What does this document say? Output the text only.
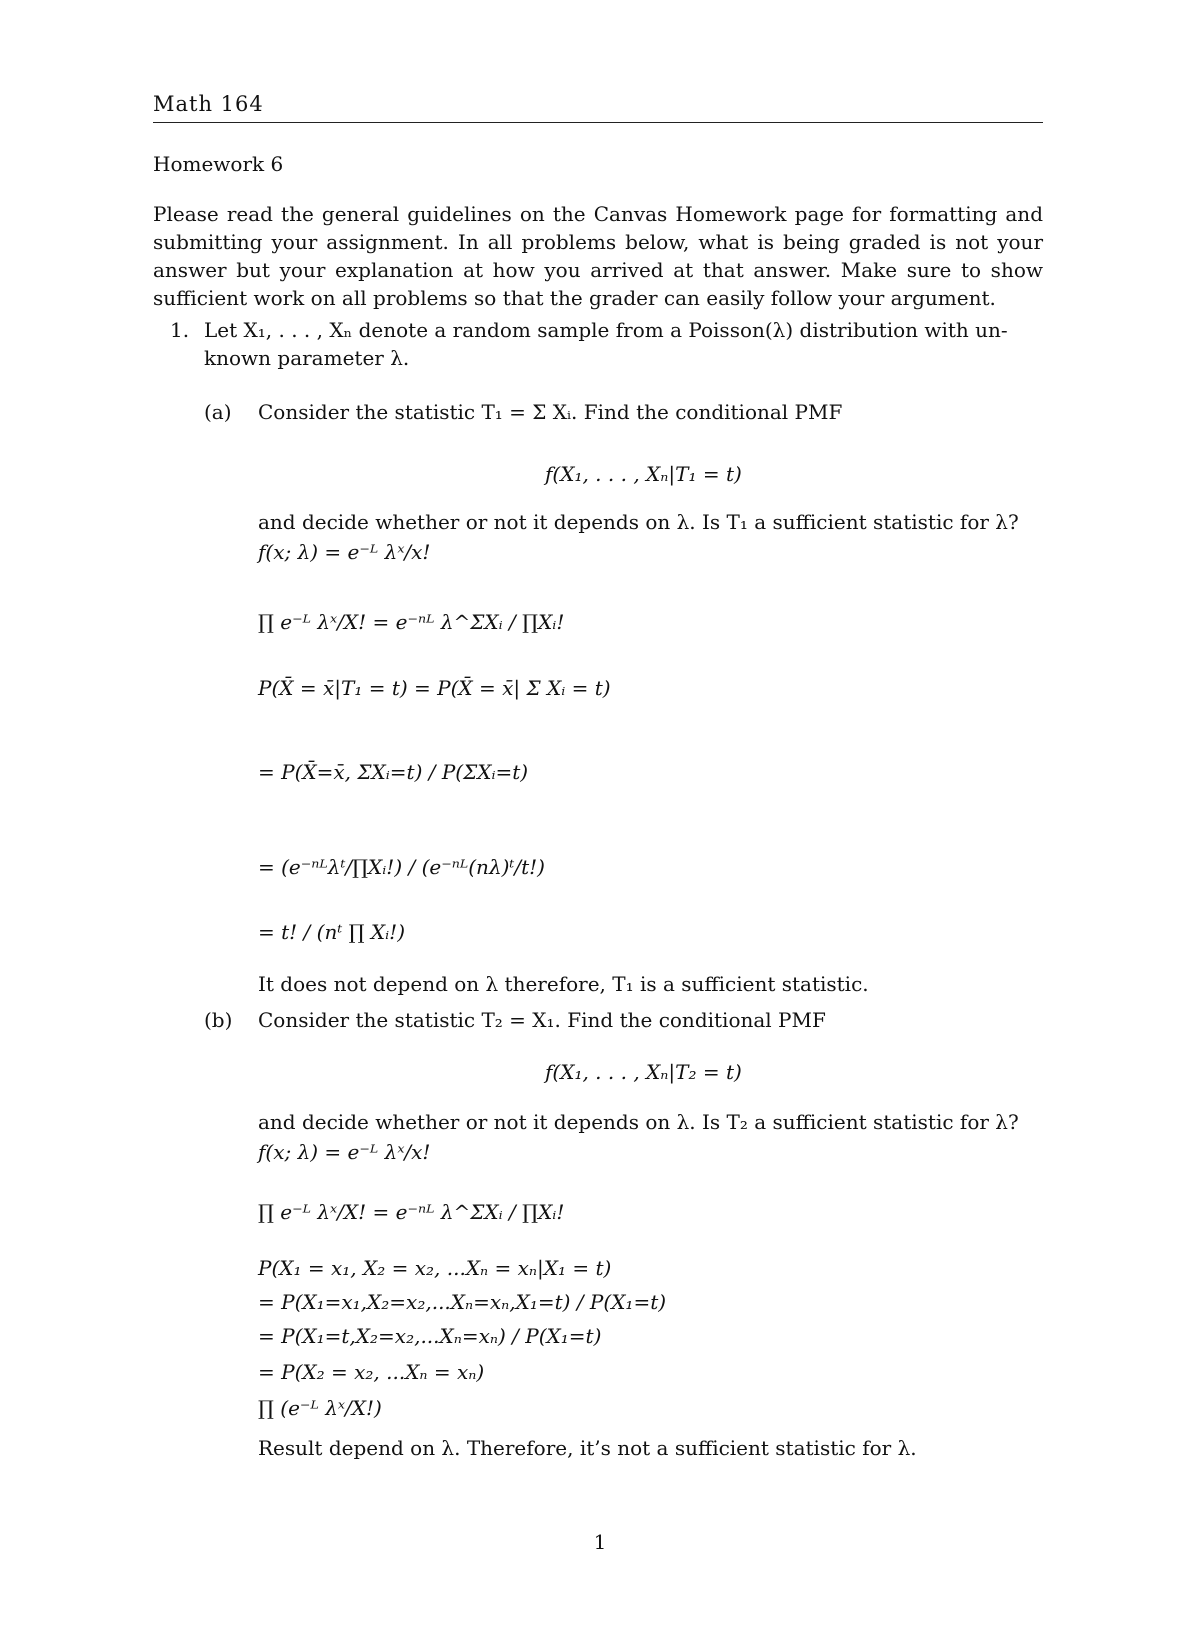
Math 164
Homework 6
Please read the general guidelines on the Canvas Homework page for formatting and submitting your assignment. In all problems below, what is being graded is not your answer but your explanation at how you arrived at that answer. Make sure to show sufficient work on all problems so that the grader can easily follow your argument.
1. Let X₁, . . . , Xₙ denote a random sample from a Poisson(λ) distribution with un-
known parameter λ.
(a) Consider the statistic T₁ = Σ Xᵢ. Find the conditional PMF
f(X₁, . . . , Xₙ|T₁ = t)
and decide whether or not it depends on λ. Is T₁ a sufficient statistic for λ?
f(x; λ) = e⁻ᴸ λˣ/x!
∏ e⁻ᴸ λˣ/X! = e⁻ⁿᴸ λ^ΣXᵢ / ∏Xᵢ!
P(X̄ = x̄|T₁ = t) = P(X̄ = x̄| Σ Xᵢ = t)
= P(X̄=x̄, ΣXᵢ=t) / P(ΣXᵢ=t)
= (e⁻ⁿᴸλᵗ/∏Xᵢ!) / (e⁻ⁿᴸ(nλ)ᵗ/t!)
= t! / (nᵗ ∏ Xᵢ!)
It does not depend on λ therefore, T₁ is a sufficient statistic.
(b) Consider the statistic T₂ = X₁. Find the conditional PMF
f(X₁, . . . , Xₙ|T₂ = t)
and decide whether or not it depends on λ. Is T₂ a sufficient statistic for λ?
f(x; λ) = e⁻ᴸ λˣ/x!
∏ e⁻ᴸ λˣ/X! = e⁻ⁿᴸ λ^ΣXᵢ / ∏Xᵢ!
P(X₁ = x₁, X₂ = x₂, ...Xₙ = xₙ|X₁ = t)
= P(X₁=x₁,X₂=x₂,...Xₙ=xₙ,X₁=t) / P(X₁=t)
= P(X₁=t,X₂=x₂,...Xₙ=xₙ) / P(X₁=t)
= P(X₂ = x₂, ...Xₙ = xₙ)
∏ (e⁻ᴸ λˣ/X!)
Result depend on λ. Therefore, it’s not a sufficient statistic for λ.
1
